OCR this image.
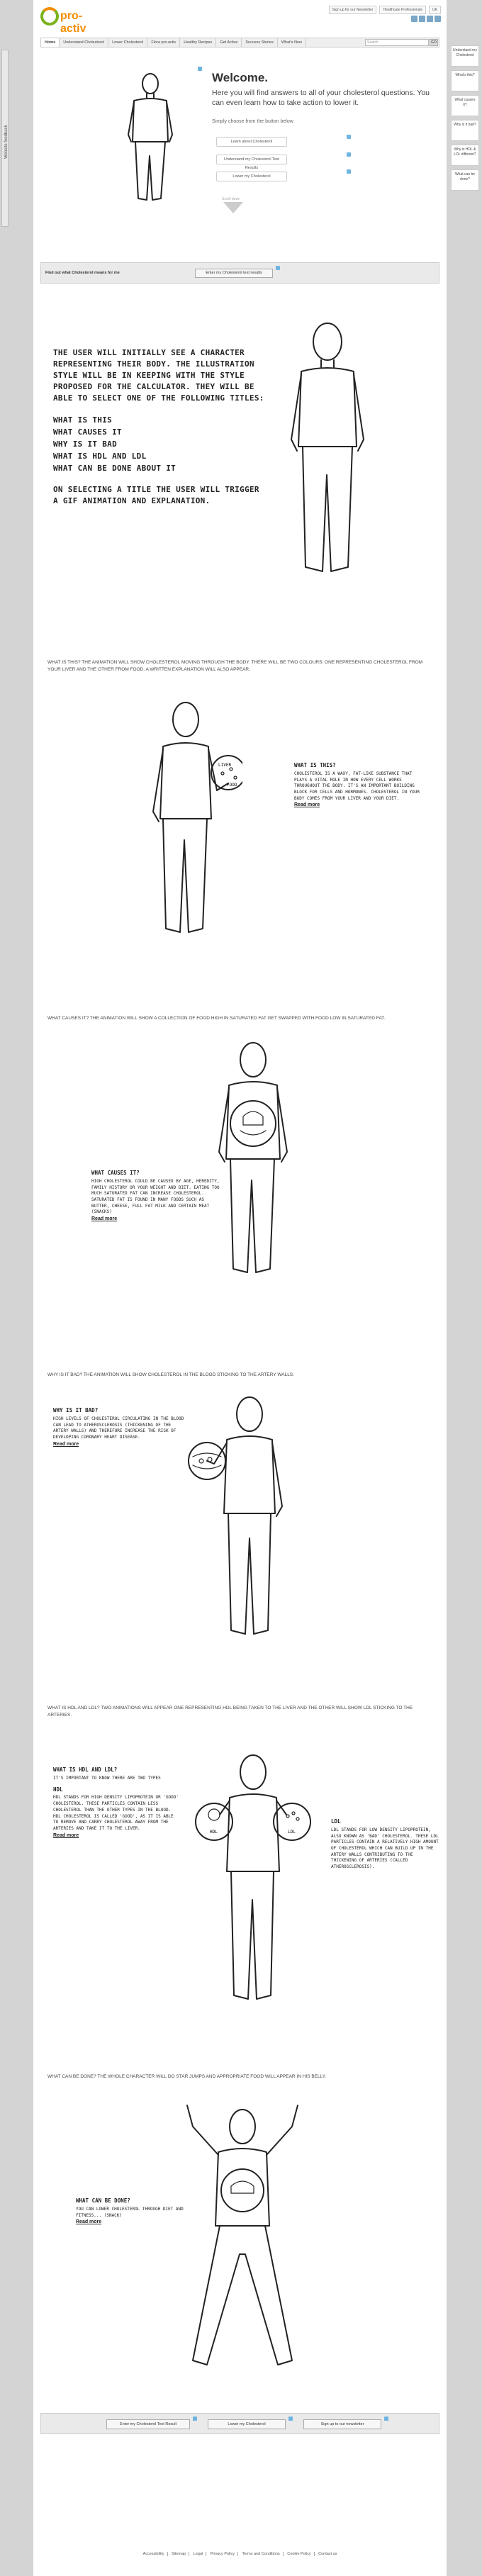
Website feedback
Understand my Cholesterol
What's this?
What causes it?
Why is it bad?
Why is HDL & LDL different?
What can be done?
pro-activ
Sign up for our Newsletter	Healthcare Professionals	UK
Home	Understand Cholesterol	Lower Cholesterol	Flora pro.activ	Healthy Recipes	Get Active	Success Stories	What's New	Search	GO
Welcome.
Here you will find answers to all of your cholesterol questions. You can even learn how to take action to lower it.
Simply choose from the button below
Learn about Cholesterol
Understand my Cholesterol Test Results
Lower my Cholesterol
Scroll down
Find out what Cholesterol means for me	Enter my Cholesterol test results

THE USER WILL INITIALLY SEE A CHARACTER REPRESENTING THEIR BODY. THE ILLUSTRATION STYLE WILL BE IN KEEPING WITH THE STYLE PROPOSED FOR THE CALCULATOR. THEY WILL BE ABLE TO SELECT ONE OF THE FOLLOWING TITLES:

WHAT IS THIS
WHAT CAUSES IT
WHY IS IT BAD
WHAT IS HDL AND LDL
WHAT CAN BE DONE ABOUT IT

ON SELECTING A TITLE THE USER WILL TRIGGER A GIF ANIMATION AND EXPLANATION.

WHAT IS THIS? THE ANIMATION WILL SHOW CHOLESTEROL MOVING THROUGH THE BODY. THERE WILL BE TWO COLOURS: ONE REPRESENTING CHOLESTEROL FROM YOUR LIVER AND THE OTHER FROM FOOD. A WRITTEN EXPLANATION WILL ALSO APPEAR.
LIVER
FOOD
WHAT IS THIS?
CHOLESTEROL IS A WAXY, FAT-LIKE SUBSTANCE THAT PLAYS A VITAL ROLE IN HOW EVERY CELL WORKS THROUGHOUT THE BODY. IT'S AN IMPORTANT BUILDING BLOCK FOR CELLS AND HORMONES. CHOLESTEROL IN YOUR BODY COMES FROM YOUR LIVER AND YOUR DIET.
Read more
WHAT CAUSES IT? THE ANIMATION WILL SHOW A COLLECTION OF FOOD HIGH IN SATURATED FAT GET SWAPPED WITH FOOD LOW IN SATURATED FAT.
WHAT CAUSES IT?
HIGH CHOLESTEROL COULD BE CAUSED BY AGE, HEREDITY, FAMILY HISTORY OR YOUR WEIGHT AND DIET. EATING TOO MUCH SATURATED FAT CAN INCREASE CHOLESTEROL. SATURATED FAT IS FOUND IN MANY FOODS SUCH AS BUTTER, CHEESE, FULL FAT MILK AND CERTAIN MEAT (SNACKS)
Read more
WHY IS IT BAD? THE ANIMATION WILL SHOW CHOLESTEROL IN THE BLOOD STICKING TO THE ARTERY WALLS.
WHY IS IT BAD?
HIGH LEVELS OF CHOLESTEROL CIRCULATING IN THE BLOOD CAN LEAD TO ATHEROSCLEROSIS (THICKENING OF THE ARTERY WALLS) AND THEREFORE INCREASE THE RISK OF DEVELOPING CORONARY HEART DISEASE.
Read more
WHAT IS HDL AND LDL? TWO ANIMATIONS WILL APPEAR ONE REPRESENTING HDL BEING TAKEN TO THE LIVER AND THE OTHER WILL SHOW LDL STICKING TO THE ARTERIES.
WHAT IS HDL AND LDL?
IT'S IMPORTANT TO KNOW THERE ARE TWO TYPES
HDL
HDL STANDS FOR HIGH DENSITY LIPOPROTEIN OR 'GOOD' CHOLESTEROL. THESE PARTICLES CONTAIN LESS CHOLESTEROL THAN THE OTHER TYPES IN THE BLOOD. HDL CHOLESTEROL IS CALLED 'GOOD', AS IT IS ABLE TO REMOVE AND CARRY CHOLESTEROL AWAY FROM THE ARTERIES AND TAKE IT TO THE LIVER.
Read more
HDL	LDL
LDL
LDL STANDS FOR LOW DENSITY LIPOPROTEIN, ALSO KNOWN AS 'BAD' CHOLESTEROL. THESE LDL PARTICLES CONTAIN A RELATIVELY HIGH AMOUNT OF CHOLESTEROL WHICH CAN BUILD UP IN THE ARTERY WALLS CONTRIBUTING TO THE THICKENING OF ARTERIES (CALLED ATHEROSCLEROSIS).
WHAT CAN BE DONE? THE WHOLE CHARACTER WILL DO STAR JUMPS AND APPROPRIATE FOOD WILL APPEAR IN HIS BELLY.
WHAT CAN BE DONE?
YOU CAN LOWER CHOLESTEROL THROUGH DIET AND FITNESS... (SNACK)
Read more
Enter my Cholesterol Test Result	Lower my Cholesterol	Sign up to our newsletter
Accessibility Sitemap Legal Privacy Policy Terms and Conditions Cookie Policy Contact us
